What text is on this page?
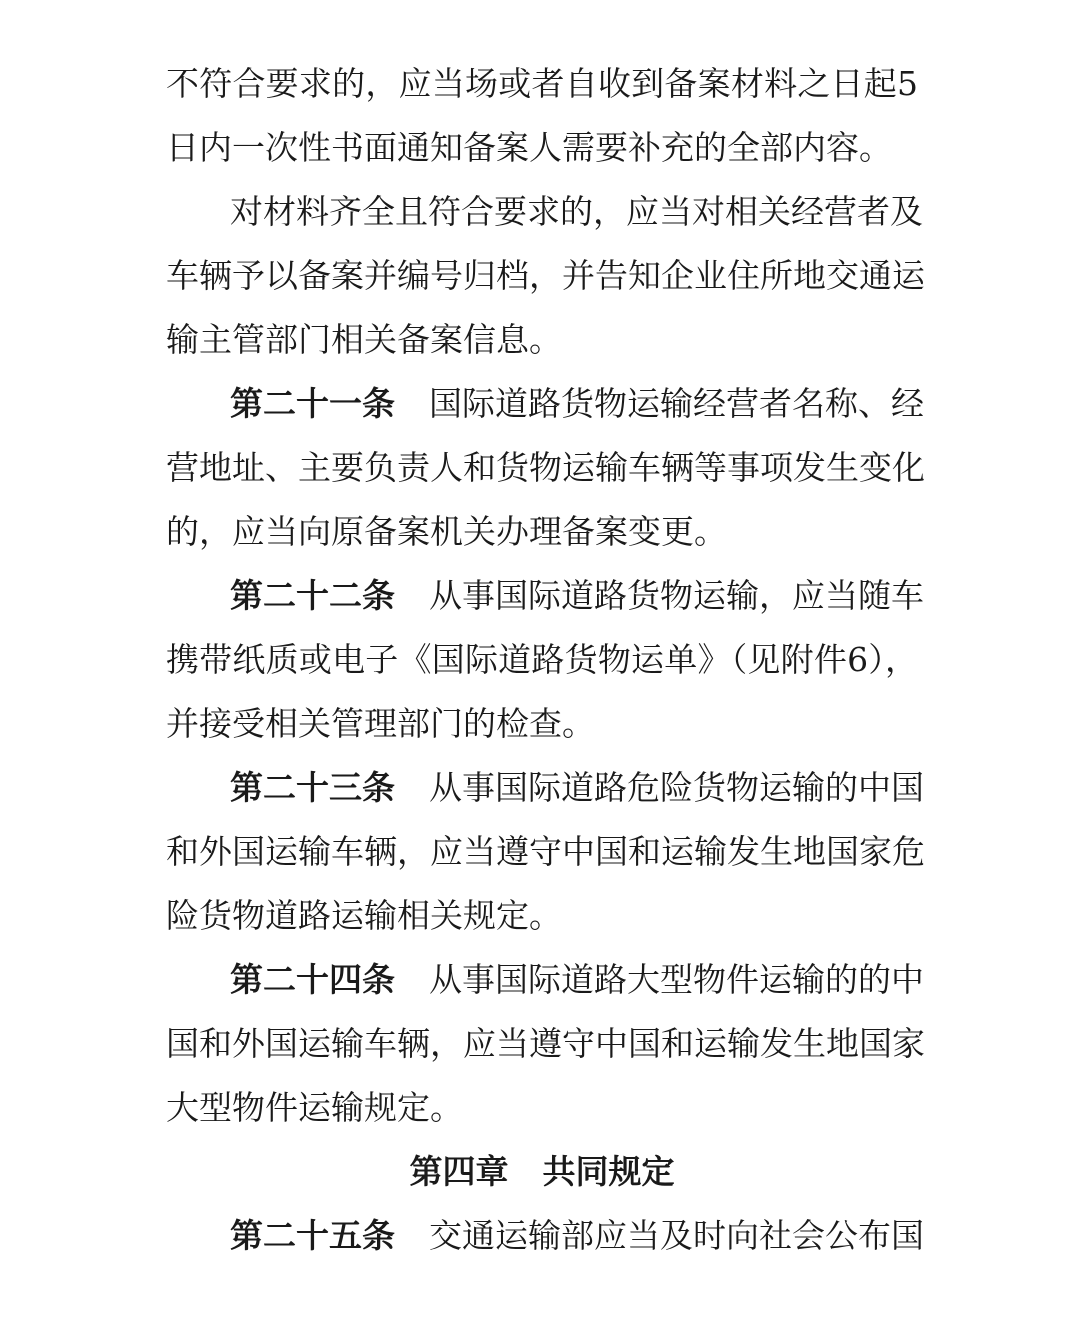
不符合要求的，应当场或者自收到备案材料之日起5
日内一次性书面通知备案人需要补充的全部内容。
对材料齐全且符合要求的，应当对相关经营者及
车辆予以备案并编号归档，并告知企业住所地交通运
输主管部门相关备案信息。
第二十一条 国际道路货物运输经营者名称、经
营地址、主要负责人和货物运输车辆等事项发生变化
的，应当向原备案机关办理备案变更。
第二十二条 从事国际道路货物运输，应当随车
携带纸质或电子《国际道路货物运单》（见附件6），
并接受相关管理部门的检查。
第二十三条 从事国际道路危险货物运输的中国
和外国运输车辆，应当遵守中国和运输发生地国家危
险货物道路运输相关规定。
第二十四条 从事国际道路大型物件运输的的中
国和外国运输车辆，应当遵守中国和运输发生地国家
大型物件运输规定。
第四章 共同规定
第二十五条 交通运输部应当及时向社会公布国
